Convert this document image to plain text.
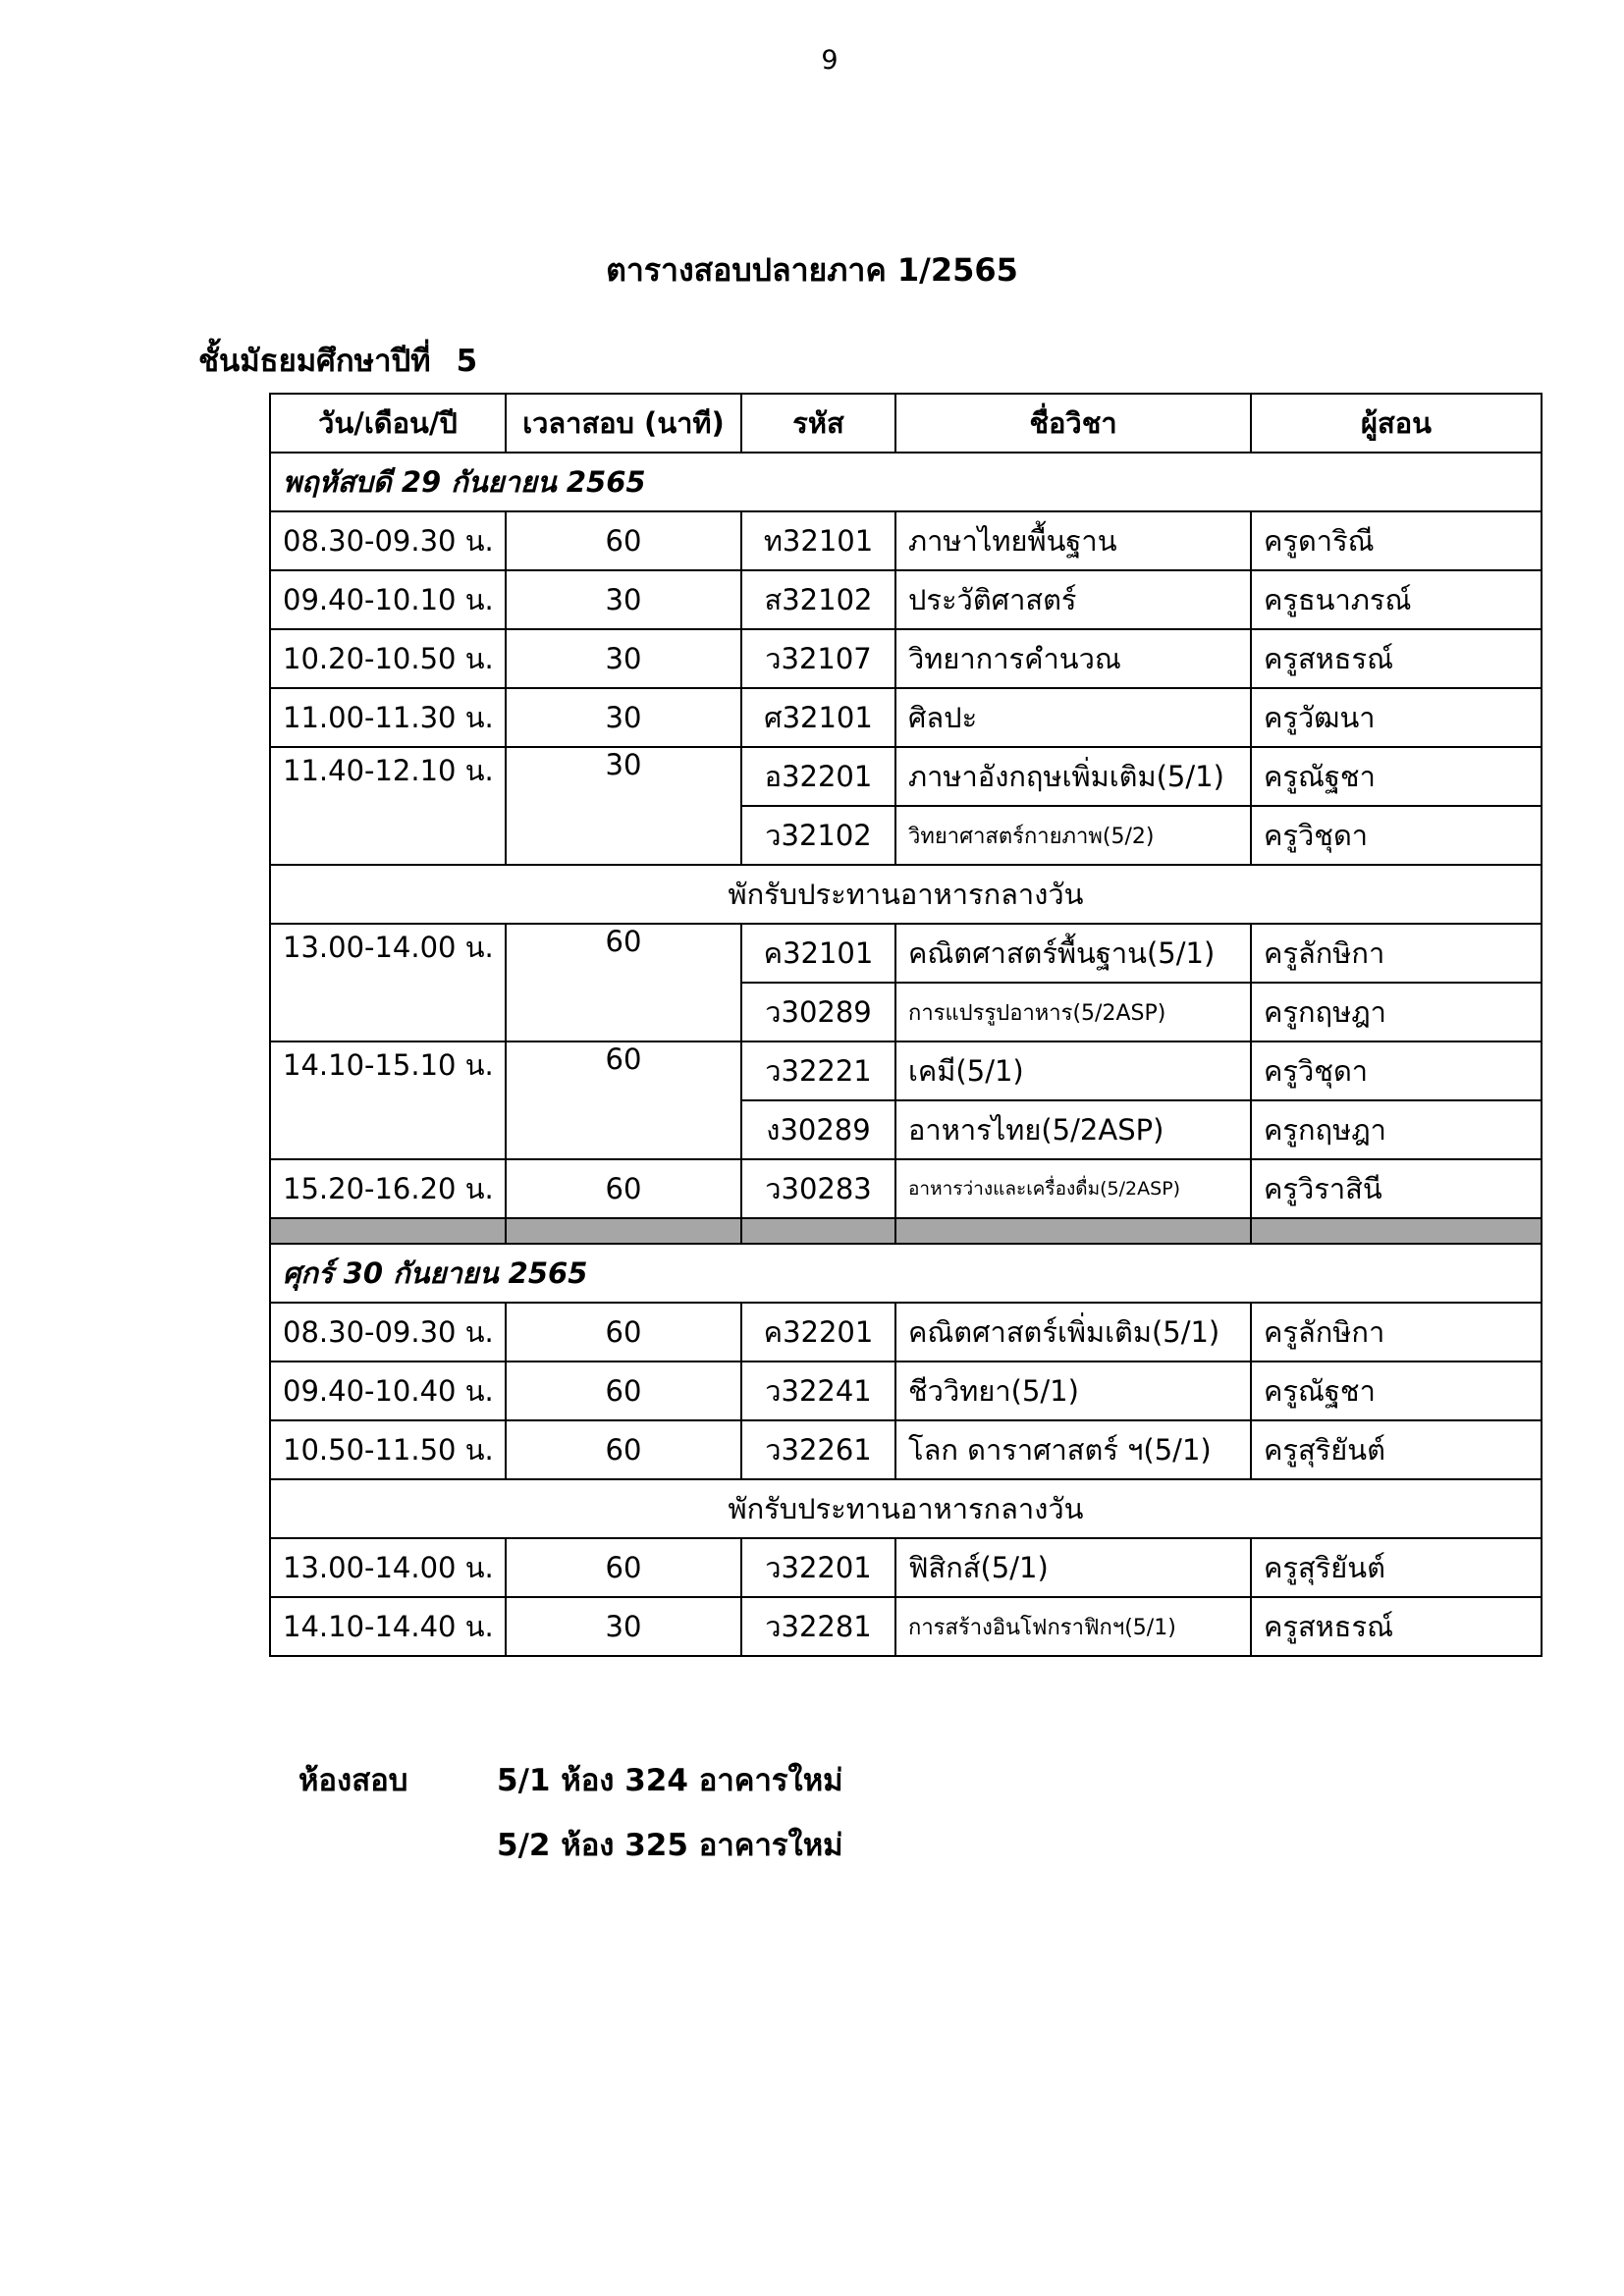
9
ตารางสอบปลายภาค 1/2565
ชั้นมัธยมศึกษาปีที่ 5
วัน/เดือน/ปี	เวลาสอบ (นาที)	รหัส	ชื่อวิชา	ผู้สอน
พฤหัสบดี 29 กันยายน 2565				
08.30-09.30 น.	60	ท32101	ภาษาไทยพื้นฐาน	ครูดาริณี
09.40-10.10 น.	30	ส32102	ประวัติศาสตร์	ครูธนาภรณ์
10.20-10.50 น.	30	ว32107	วิทยาการคำนวณ	ครูสหธรณ์
11.00-11.30 น.	30	ศ32101	ศิลปะ	ครูวัฒนา
11.40-12.10 น.	30	อ32201	ภาษาอังกฤษเพิ่มเติม(5/1)	ครูณัฐชา
		ว32102	วิทยาศาสตร์กายภาพ(5/2)	ครูวิชุดา
พักรับประทานอาหารกลางวัน				
13.00-14.00 น.	60	ค32101	คณิตศาสตร์พื้นฐาน(5/1)	ครูลักษิกา
		ว30289	การแปรรูปอาหาร(5/2ASP)	ครูกฤษฎา
14.10-15.10 น.	60	ว32221	เคมี(5/1)	ครูวิชุดา
		ง30289	อาหารไทย(5/2ASP)	ครูกฤษฎา
15.20-16.20 น.	60	ว30283	อาหารว่างและเครื่องดื่ม(5/2ASP)	ครูวิราสินี

ศุกร์ 30 กันยายน 2565				
08.30-09.30 น.	60	ค32201	คณิตศาสตร์เพิ่มเติม(5/1)	ครูลักษิกา
09.40-10.40 น.	60	ว32241	ชีววิทยา(5/1)	ครูณัฐชา
10.50-11.50 น.	60	ว32261	โลก ดาราศาสตร์ ฯ(5/1)	ครูสุริยันต์
พักรับประทานอาหารกลางวัน				
13.00-14.00 น.	60	ว32201	ฟิสิกส์(5/1)	ครูสุริยันต์
14.10-14.40 น.	30	ว32281	การสร้างอินโฟกราฟิกฯ(5/1)	ครูสหธรณ์
ห้องสอบ	5/1 ห้อง 324 อาคารใหม่
5/2 ห้อง 325 อาคารใหม่
